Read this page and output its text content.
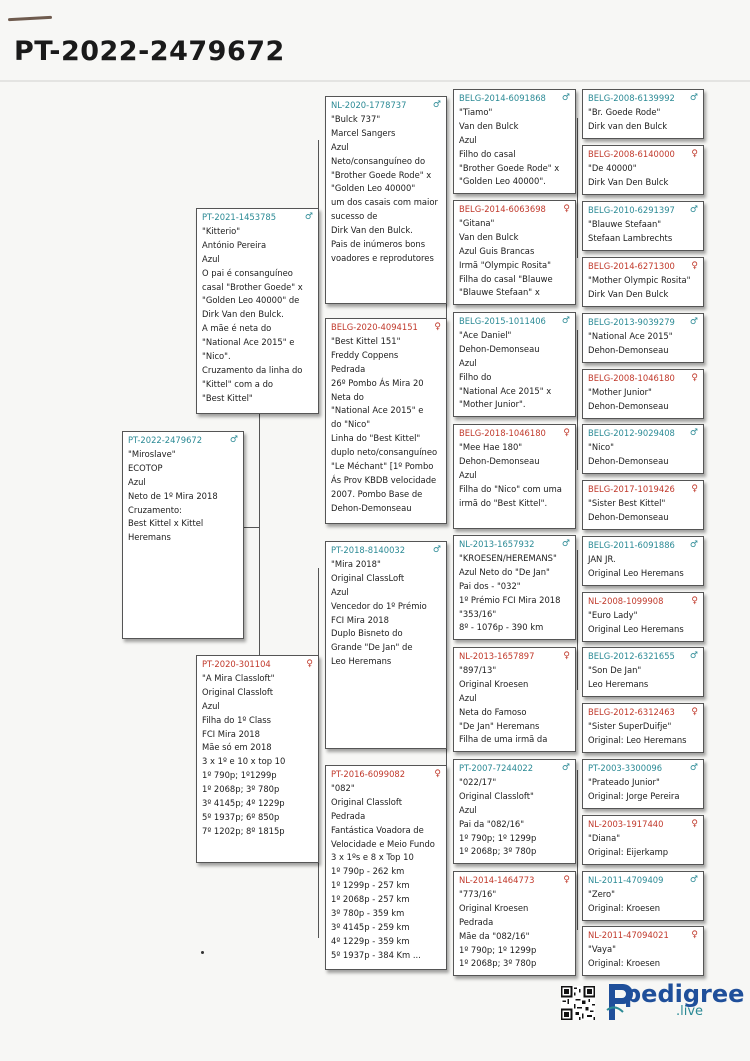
PT-2022-2479672
PT-2022-2479672	♂
"Miroslave"
ECOTOP
Azul
Neto de 1º Mira 2018
Cruzamento:
Best Kittel x Kittel
Heremans
PT-2021-1453785	♂
"Kitterio"
António Pereira
Azul
O pai é consanguíneo
casal "Brother Goede" x
"Golden Leo 40000" de
Dirk Van den Bulck.
A mãe é neta do
"National Ace 2015" e
"Nico".
Cruzamento da linha do
"Kittel" com a do
"Best Kittel"
PT-2020-301104	♀
"A Mira Classloft"
Original Classloft
Azul
Filha do 1º Class
FCI Mira 2018
Mãe só em 2018
3 x 1º e 10 x top 10
1º 790p; 1º1299p
1º 2068p; 3º 780p
3º 4145p; 4º 1229p
5º 1937p; 6º 850p
7º 1202p; 8º 1815p
NL-2020-1778737	♂
"Bulck 737"
Marcel Sangers
Azul
Neto/consanguíneo do
"Brother Goede Rode" x
"Golden Leo 40000"
um dos casais com maior
sucesso de
Dirk Van den Bulck.
Pais de inúmeros bons
voadores e reprodutores
BELG-2020-4094151 ♀
"Best Kittel 151"
Freddy Coppens
Pedrada
26º Pombo Ás Mira 20
Neta do
"National Ace 2015" e
do "Nico"
Linha do "Best Kittel"
duplo neto/consanguíneo
"Le Méchant" [1º Pombo
Ás Prov KBDB velocidade
2007. Pombo Base de
Dehon-Demonseau
PT-2018-8140032	♂
"Mira 2018"
Original ClassLoft
Azul
Vencedor do 1º Prémio
FCI Mira 2018
Duplo Bisneto do
Grande "De Jan" de
Leo Heremans
PT-2016-6099082	♀
"082"
Original Classloft
Pedrada
Fantástica Voadora de
Velocidade e Meio Fundo
3 x 1ºs e 8 x Top 10
1º 790p - 262 km
1º 1299p - 257 km
1º 2068p - 257 km
3º 780p - 359 km
3º 4145p - 259 km
4º 1229p - 359 km
5º 1937p - 384 Km ...
BELG-2014-6091868 ♂
"Tiamo"
Van den Bulck
Azul
Filho do casal
"Brother Goede Rode" x
"Golden Leo 40000".
BELG-2014-6063698 ♀
"Gitana"
Van den Bulck
Azul Guis Brancas
Irmã "Olympic Rosita"
Filha do casal "Blauwe
"Blauwe Stefaan" x
BELG-2015-1011406 ♂
"Ace Daniel"
Dehon-Demonseau
Azul
Filho do
"National Ace 2015" x
"Mother Junior".
BELG-2018-1046180 ♀
"Mee Hae 180"
Dehon-Demonseau
Azul
Filha do "Nico" com uma
irmã do "Best Kittel".
NL-2013-1657932	♂
"KROESEN/HEREMANS"
Azul Neto do "De Jan"
Pai dos - "032"
1º Prémio FCI Mira 2018
"353/16"
8º - 1076p - 390 km
NL-2013-1657897	♀
"897/13"
Original Kroesen
Azul
Neta do Famoso
"De Jan" Heremans
Filha de uma irmã da
PT-2007-7244022	♂
"022/17"
Original Classloft"
Azul
Pai da "082/16"
1º 790p; 1º 1299p
1º 2068p; 3º 780p
NL-2014-1464773	♀
"773/16"
Original Kroesen
Pedrada
Mãe da "082/16"
1º 790p; 1º 1299p
1º 2068p; 3º 780p
BELG-2008-6139992 ♂
"Br. Goede Rode"
Dirk van den Bulck
BELG-2008-6140000 ♀
"De 40000"
Dirk Van Den Bulck
BELG-2010-6291397 ♂
"Blauwe Stefaan"
Stefaan Lambrechts
BELG-2014-6271300 ♀
"Mother Olympic Rosita"
Dirk Van Den Bulck
BELG-2013-9039279 ♂
"National Ace 2015"
Dehon-Demonseau
BELG-2008-1046180 ♀
"Mother Junior"
Dehon-Demonseau
BELG-2012-9029408 ♂
"Nico"
Dehon-Demonseau
BELG-2017-1019426 ♀
"Sister Best Kittel"
Dehon-Demonseau
BELG-2011-6091886 ♂
JAN JR.
Original Leo Heremans
NL-2008-1099908	♀
"Euro Lady"
Original Leo Heremans
BELG-2012-6321655 ♂
"Son De Jan"
Leo Heremans
BELG-2012-6312463 ♀
"Sister SuperDuifje"
Original: Leo Heremans
PT-2003-3300096	♂
"Prateado Junior"
Original: Jorge Pereira
NL-2003-1917440	♀
"Diana"
Original: Eijerkamp
NL-2011-4709409	♂
"Zero"
Original: Kroesen
NL-2011-47094021	♀
"Vaya"
Original: Kroesen
pedigree
.live
